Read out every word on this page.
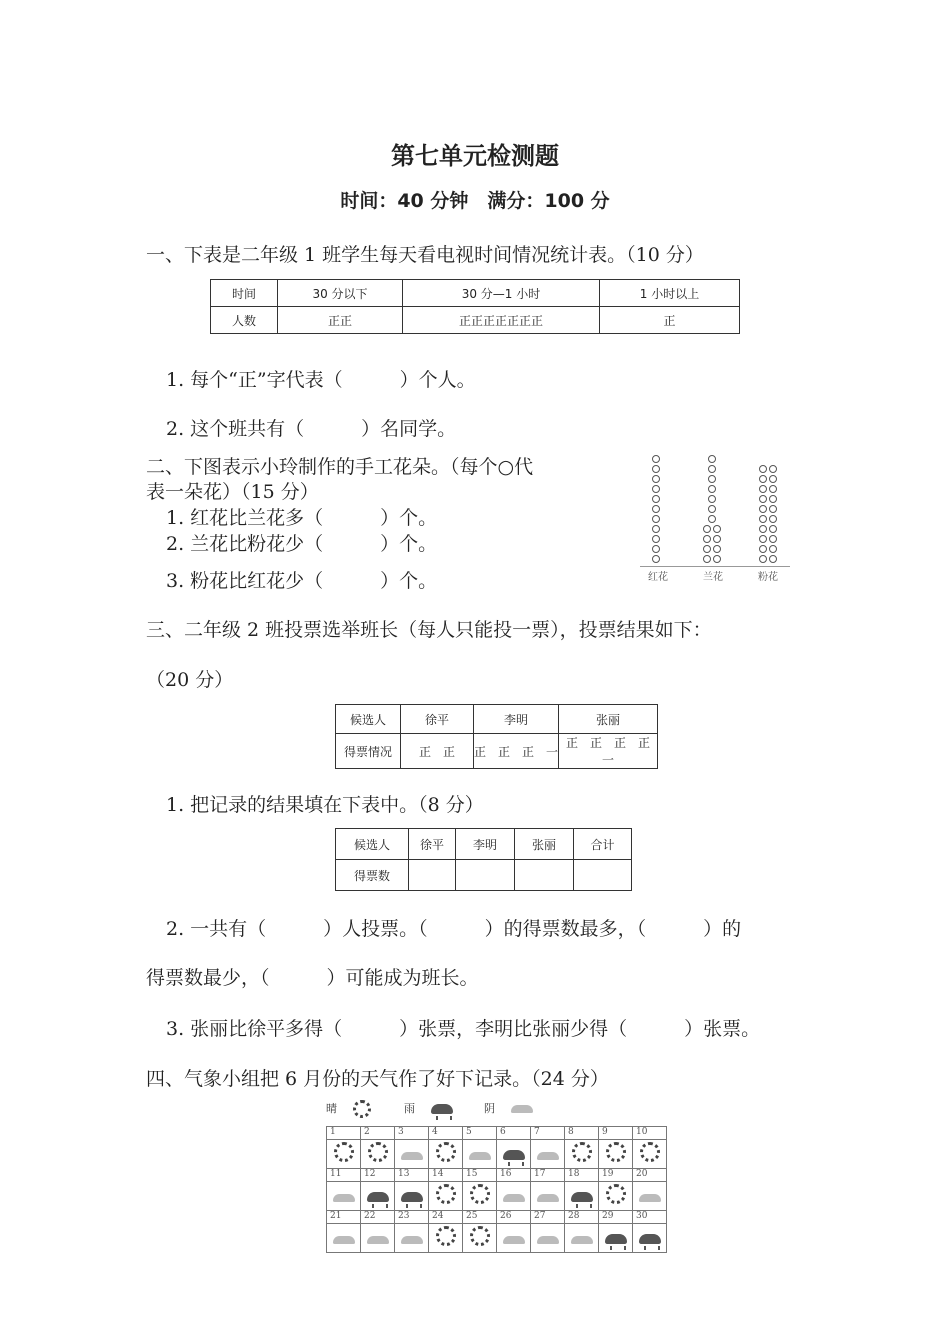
第七单元检测题
时间：40 分钟　满分：100 分
一、下表是二年级 1 班学生每天看电视时间情况统计表。（10 分）
时间	30 分以下	30 分—1 小时	1 小时以上
人数	正正	正正正正正正正	正
1. 每个“正”字代表（　　　）个人。
2. 这个班共有（　　　）名同学。
二、下图表示小玲制作的手工花朵。（每个○代
表一朵花）（15 分）
1. 红花比兰花多（　　　）个。
2. 兰花比粉花少（　　　）个。
3. 粉花比红花少（　　　）个。	红花	兰花	粉花
三、二年级 2 班投票选举班长（每人只能投一票），投票结果如下：
（20 分）
候选人	徐平	李明	张丽
得票情况	正　正	正　正　正　一	正　正　正　正　一
1. 把记录的结果填在下表中。（8 分）
候选人	徐平	李明	张丽	合计
得票数				
2. 一共有（　　　）人投票。（　　　）的得票数最多，（　　　）的
得票数最少，（　　　）可能成为班长。
3. 张丽比徐平多得（　　　）张票，李明比张丽少得（　　　）张票。
四、气象小组把 6 月份的天气作了好下记录。（24 分）
晴	雨	阴
1	2	3	4	5	6	7	8	9	10

11	12	13	14	15	16	17	18	19	20

21	22	23	24	25	26	27	28	29	30
